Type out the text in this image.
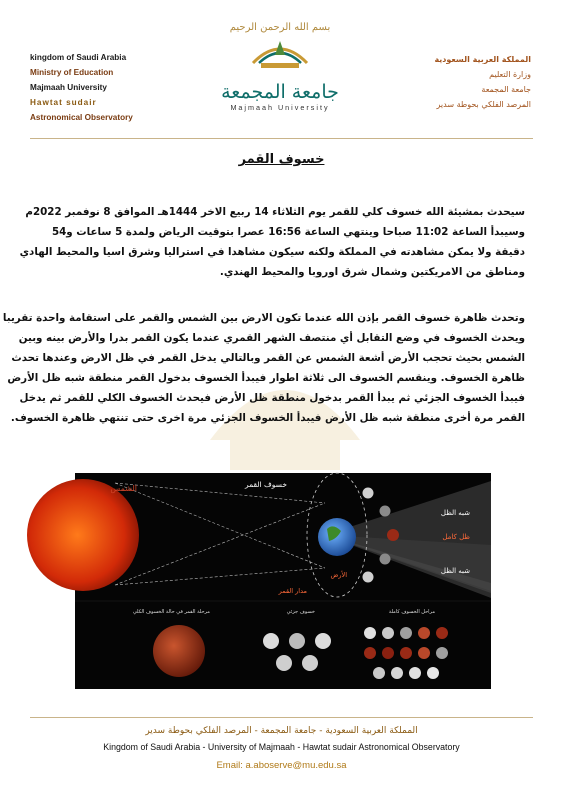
kingdom of Saudi Arabia
Ministry of Education
Majmaah University
Hawtat sudair
Astronomical Observatory
بسم الله الرحمن الرحيم
جامعة المجمعة
Majmaah University
المملكة العربية السعودية
وزارة التعليم
جامعة المجمعة
المرصد الفلكي بحوطة سدير
خسوف القمر
سيحدث بمشيئة الله خسوف كلي للقمر يوم الثلاثاء 14 ربيع الاخر 1444هـ الموافق 8 نوفمبر 2022م
وسيبدأ الساعة 11:02 صباحا وينتهي الساعة 16:56 عصرا بتوقيت الرياض ولمدة 5 ساعات و54
دقيقة ولا يمكن مشاهدته في المملكة ولكنه سيكون مشاهدا في استراليا وشرق اسيا والمحيط الهادي
ومناطق من الامريكتين وشمال شرق اوروبا والمحيط الهندي.
وتحدث ظاهرة خسوف القمر بإذن الله عندما تكون الارض بين الشمس والقمر على استقامة واحدة تقريبا
ويحدث الخسوف في وضع التقابل أي منتصف الشهر القمري عندما يكون القمر بدرا والأرض بينه وبين
الشمس بحيث تحجب الأرض أشعة الشمس عن القمر وبالتالي يدخل القمر في ظل الارض وعندها تحدث
ظاهرة الخسوف. وينقسم الخسوف الى ثلاثة اطوار فيبدأ الخسوف بدخول القمر منطقة شبه ظل الأرض
فيبدأ الخسوف الجزئي ثم يبدأ القمر بدخول منطقة ظل الأرض فيحدث الخسوف الكلي للقمر ثم يدخل
القمر مرة أخرى منطقة شبه ظل الأرض فيبدأ الخسوف الجزئي مرة اخرى حتى تنتهي ظاهرة الخسوف.
الشمس	خسوف القمر
شبه الظل
ظل كامل
شبه الظل
الأرض
مدار القمر
مرحلة القمر في حالة الخسوف الكلي	خسوف جزئي	مراحل الخسوف كاملة
المملكة العربية السعودية - جامعة المجمعة - المرصد الفلكي بحوطة سدير
Kingdom of Saudi Arabia - University of Majmaah - Hawtat sudair Astronomical Observatory
Email: a.aboserve@mu.edu.sa
